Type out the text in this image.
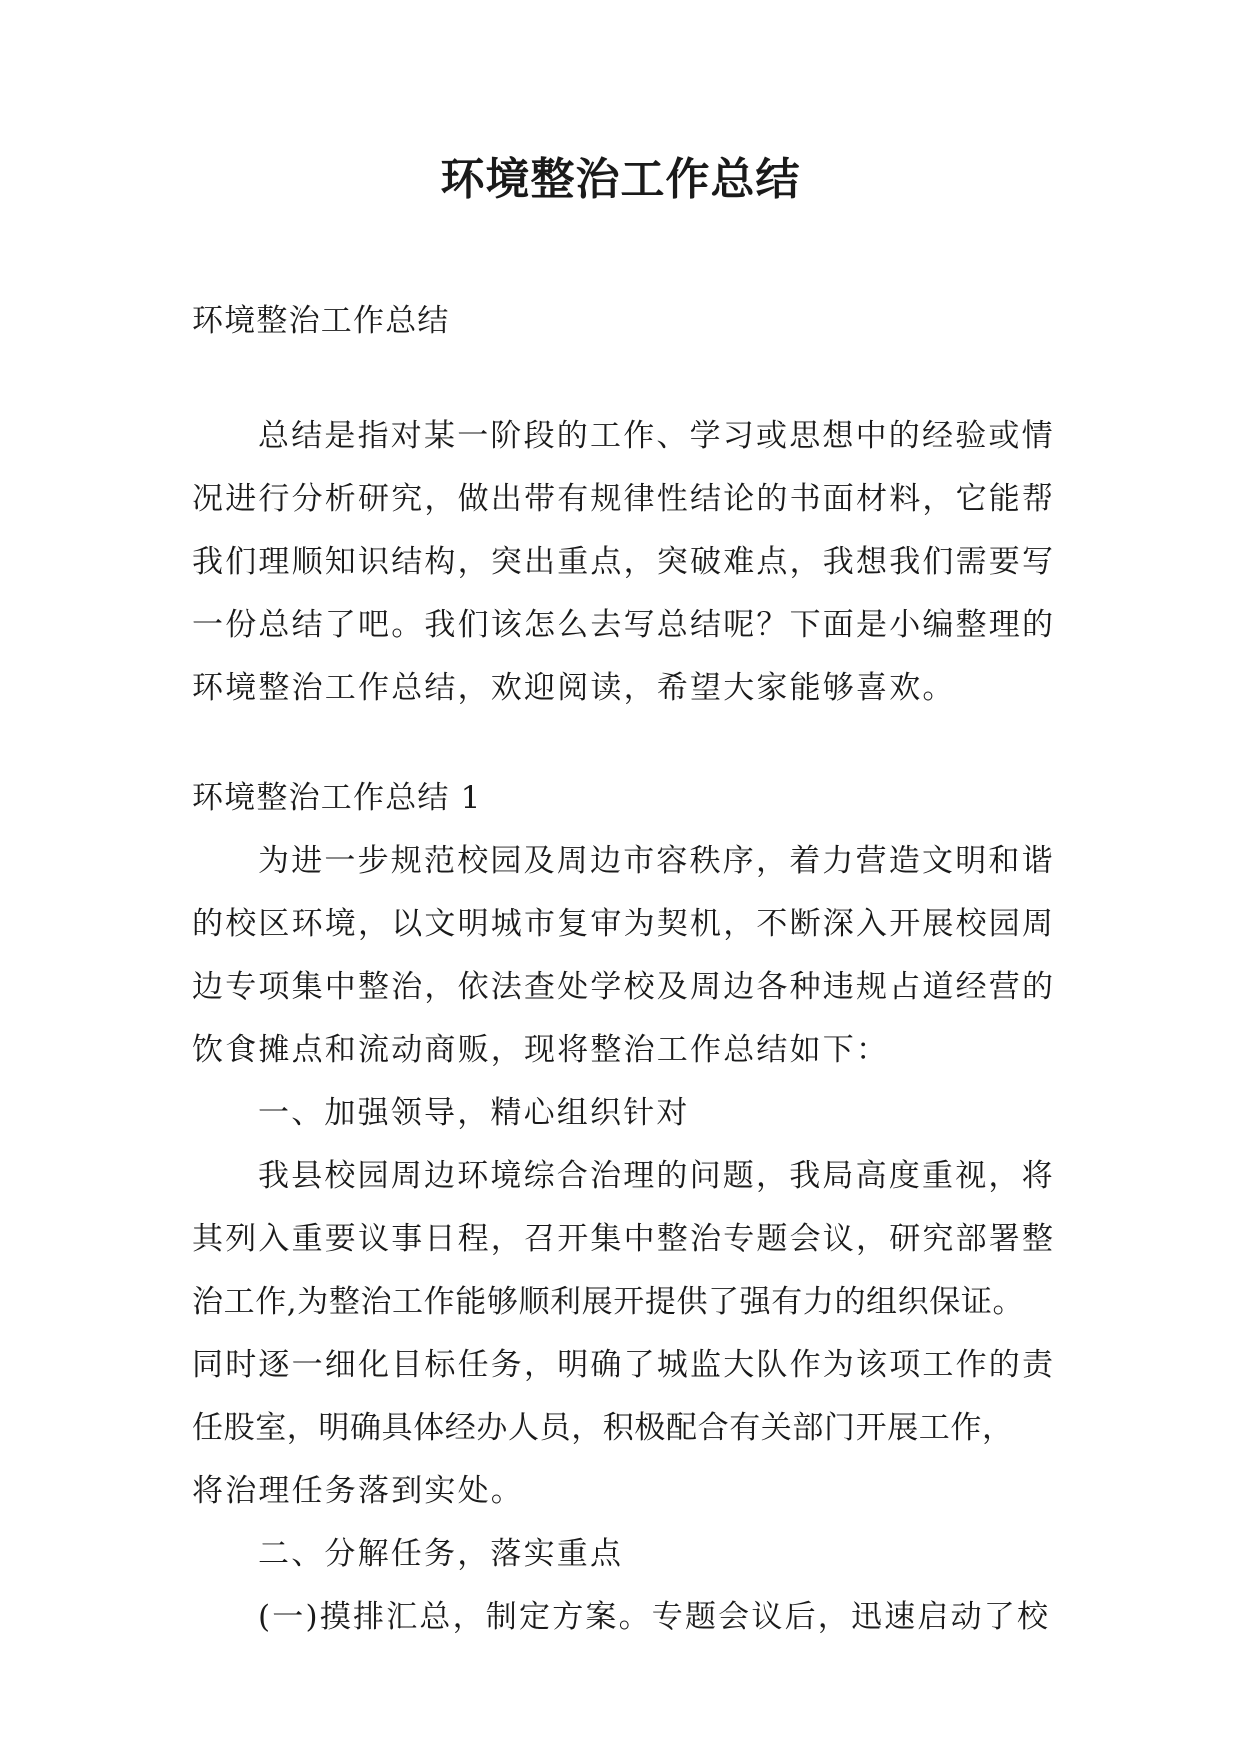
环境整治工作总结
环境整治工作总结
总结是指对某一阶段的工作、学习或思想中的经验或情
况进行分析研究，做出带有规律性结论的书面材料，它能帮
我们理顺知识结构，突出重点，突破难点，我想我们需要写
一份总结了吧。我们该怎么去写总结呢？下面是小编整理的
环境整治工作总结，欢迎阅读，希望大家能够喜欢。
环境整治工作总结 1
为进一步规范校园及周边市容秩序，着力营造文明和谐
的校区环境，以文明城市复审为契机，不断深入开展校园周
边专项集中整治，依法查处学校及周边各种违规占道经营的
饮食摊点和流动商贩，现将整治工作总结如下：
一、加强领导，精心组织针对
我县校园周边环境综合治理的问题，我局高度重视，将
其列入重要议事日程，召开集中整治专题会议，研究部署整
治工作,为整治工作能够顺利展开提供了强有力的组织保证。
同时逐一细化目标任务，明确了城监大队作为该项工作的责
任股室，明确具体经办人员，积极配合有关部门开展工作，
将治理任务落到实处。
二、分解任务，落实重点
(一)摸排汇总，制定方案。专题会议后，迅速启动了校
